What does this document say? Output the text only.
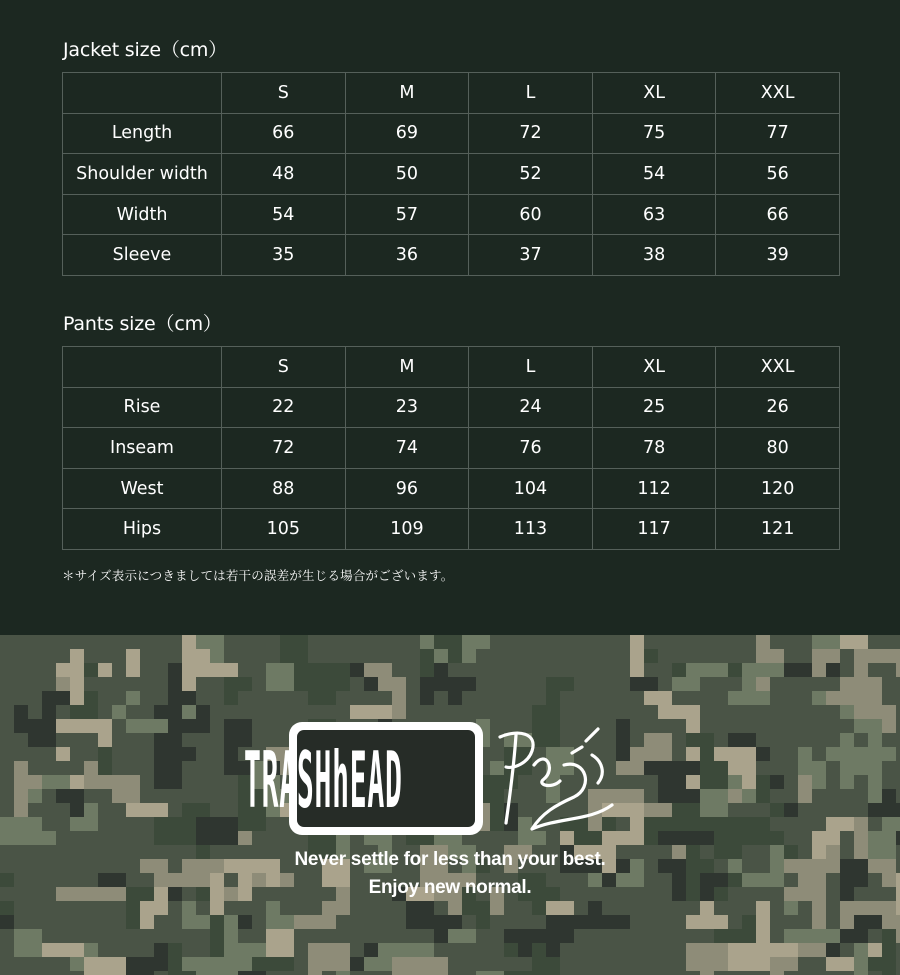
Jacket size（cm）
	S	M	L	XL	XXL
Length	66	69	72	75	77
Shoulder width	48	50	52	54	56
Width	54	57	60	63	66
Sleeve	35	36	37	38	39
Pants size（cm）
	S	M	L	XL	XXL
Rise	22	23	24	25	26
Inseam	72	74	76	78	80
West	88	96	104	112	120
Hips	105	109	113	117	121
＊サイズ表示につきましては若干の誤差が生じる場合がございます。
TRASHhEAD
Never settle for less than your best.
Enjoy new normal.
